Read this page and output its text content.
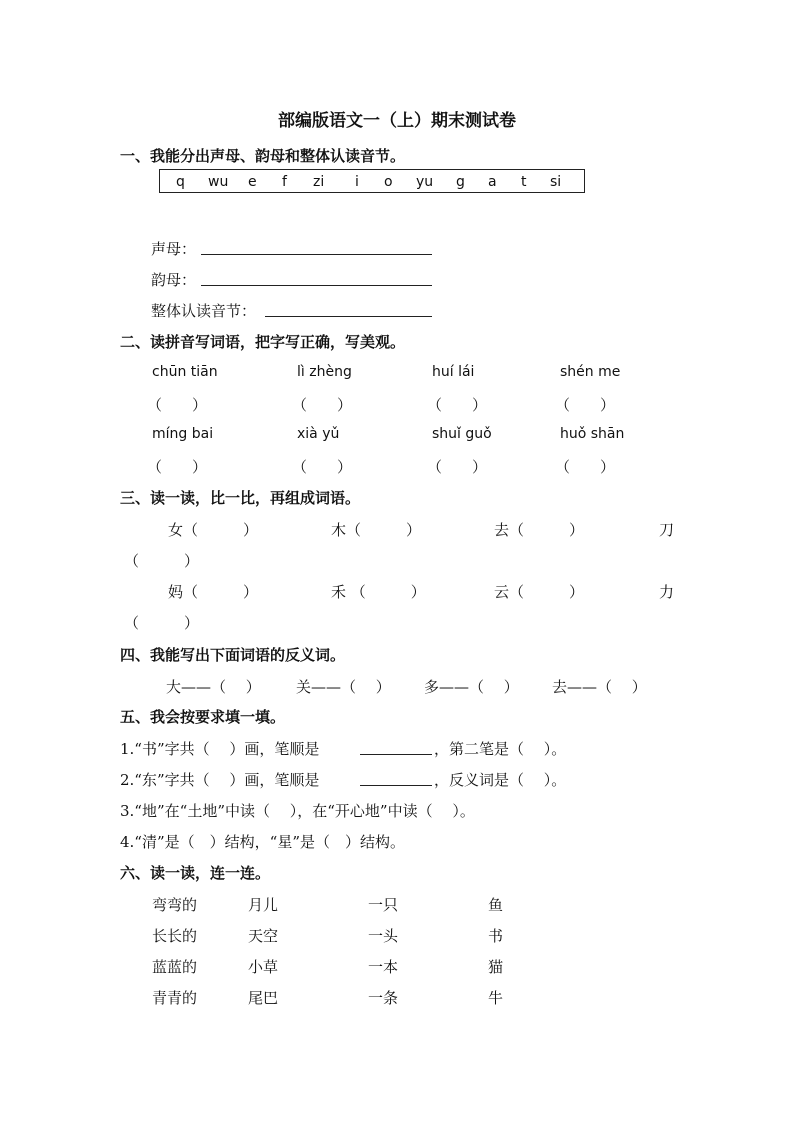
部编版语文一（上）期末测试卷
一、我能分出声母、韵母和整体认读音节。
q wu e f zi i o yu g a t si
声母：
韵母：
整体认读音节：
二、读拼音写词语，把字写正确，写美观。
chūn tiān	lì zhèng	huí lái	shén me
（　　）	（　　）	（　　）	（　　）
míng bai	xià yǔ	shuǐ guǒ	huǒ shān
（　　）	（　　）	（　　）	（　　）
三、读一读，比一比，再组成词语。
女（　　　）	木（　　　）	去（　　　）	刀
（　　　）
妈（　　　）	禾 （　　　）	云（　　　）	力
（　　　）
四、我能写出下面词语的反义词。
大——（　 ） 关——（　 ） 多——（　 ） 去——（　 ）
五、我会按要求填一填。
1.“书”字共（　 ）画，笔顺是	，第二笔是（　 ）。
2.“东”字共（　 ）画，笔顺是	，反义词是（　 ）。
3.“地”在“土地”中读（　 ），在“开心地”中读（　 ）。
4.“清”是（　）结构，“星”是（　）结构。
六、读一读，连一连。
弯弯的	月儿	一只	鱼
长长的	天空	一头	书
蓝蓝的	小草	一本	猫
青青的	尾巴	一条	牛
